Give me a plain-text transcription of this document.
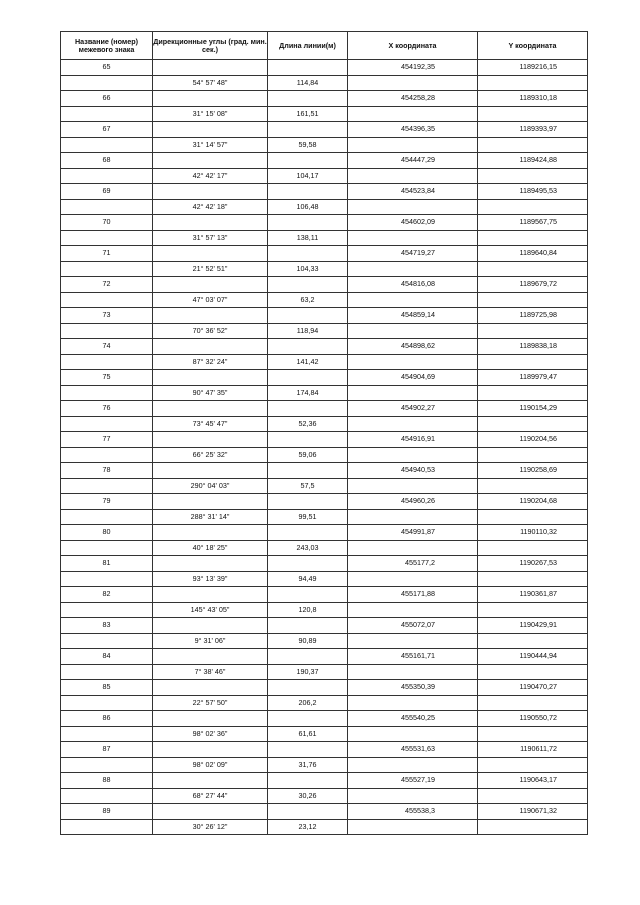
Название (номер) межевого знака	Дирекционные углы (град. мин. сек.)	Длина линии(м)	X координата	Y координата
65			454192,35	1189216,15
	54° 57' 48"	114,84		
66			454258,28	1189310,18
	31° 15' 08"	161,51		
67			454396,35	1189393,97
	31° 14' 57"	59,58		
68			454447,29	1189424,88
	42° 42' 17"	104,17		
69			454523,84	1189495,53
	42° 42' 18"	106,48		
70			454602,09	1189567,75
	31° 57' 13"	138,11		
71			454719,27	1189640,84
	21° 52' 51"	104,33		
72			454816,08	1189679,72
	47° 03' 07"	63,2		
73			454859,14	1189725,98
	70° 36' 52"	118,94		
74			454898,62	1189838,18
	87° 32' 24"	141,42		
75			454904,69	1189979,47
	90° 47' 35"	174,84		
76			454902,27	1190154,29
	73° 45' 47"	52,36		
77			454916,91	1190204,56
	66° 25' 32"	59,06		
78			454940,53	1190258,69
	290° 04' 03"	57,5		
79			454960,26	1190204,68
	288° 31' 14"	99,51		
80			454991,87	1190110,32
	40° 18' 25"	243,03		
81			455177,2	1190267,53
	93° 13' 39"	94,49		
82			455171,88	1190361,87
	145° 43' 05"	120,8		
83			455072,07	1190429,91
	9° 31' 06"	90,89		
84			455161,71	1190444,94
	7° 38' 46"	190,37		
85			455350,39	1190470,27
	22° 57' 50"	206,2		
86			455540,25	1190550,72
	98° 02' 36"	61,61		
87			455531,63	1190611,72
	98° 02' 09"	31,76		
88			455527,19	1190643,17
	68° 27' 44"	30,26		
89			455538,3	1190671,32
	30° 26' 12"	23,12		
